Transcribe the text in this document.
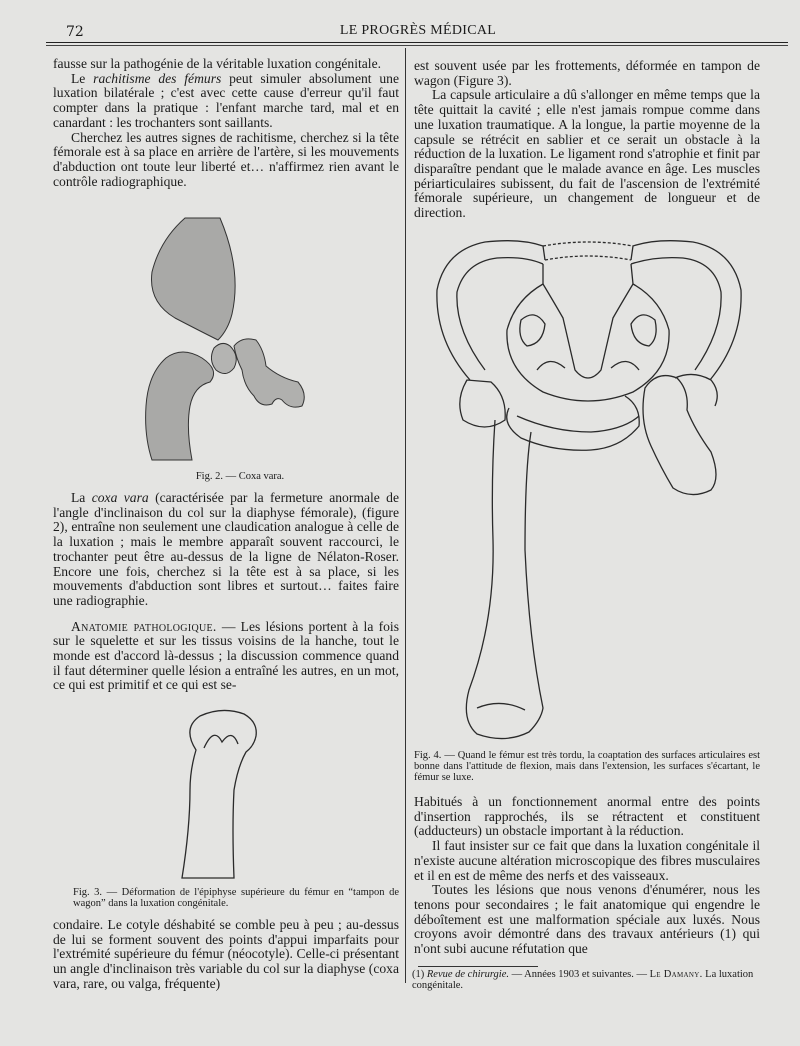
72	LE PROGRÈS MÉDICAL

fausse sur la pathogénie de la véritable luxation congénitale.

Le rachitisme des fémurs peut simuler absolument une luxation bilatérale ; c'est avec cette cause d'erreur qu'il faut compter dans la pratique : l'enfant marche tard, mal et en canardant : les trochanters sont saillants.

Cherchez les autres signes de rachitisme, cherchez si la tête fémorale est à sa place en arrière de l'artère, si les mouvements d'abduction ont toute leur liberté et… n'affirmez rien avant le contrôle radiographique.

Fig. 2. — Coxa vara.

La coxa vara (caractérisée par la fermeture anormale de l'angle d'inclinaison du col sur la diaphyse fémorale), (figure 2), entraîne non seulement une claudication analogue à celle de la luxation ; mais le membre apparaît souvent raccourci, le trochanter peut être au-dessus de la ligne de Nélaton-Roser. Encore une fois, cherchez si la tête est à sa place, si les mouvements d'abduction sont libres et surtout… faites faire une radiographie.

Anatomie pathologique. — Les lésions portent à la fois sur le squelette et sur les tissus voisins de la hanche, tout le monde est d'accord là-dessus ; la discussion commence quand il faut déterminer quelle lésion a entraîné les autres, en un mot, ce qui est primitif et ce qui est se-

Fig. 3. — Déformation de l'épiphyse supérieure du fémur en “tampon de wagon” dans la luxation congénitale.

condaire. Le cotyle déshabité se comble peu à peu ; au-dessus de lui se forment souvent des points d'appui imparfaits pour l'extrémité supérieure du fémur (néocotyle). Celle-ci présentant un angle d'inclinaison très variable du col sur la diaphyse (coxa vara, rare, ou valga, fréquente)

est souvent usée par les frottements, déformée en tampon de wagon (Figure 3).

La capsule articulaire a dû s'allonger en même temps que la tête quittait la cavité ; elle n'est jamais rompue comme dans une luxation traumatique. A la longue, la partie moyenne de la capsule se rétrécit en sablier et ce serait un obstacle à la réduction de la luxation. Le ligament rond s'atrophie et finit par disparaître pendant que le malade avance en âge. Les muscles périarticulaires subissent, du fait de l'ascension de l'extrémité fémorale supérieure, un changement de longueur et de direction.

Fig. 4. — Quand le fémur est très tordu, la coaptation des surfaces articulaires est bonne dans l'attitude de flexion, mais dans l'extension, les surfaces s'écartant, le fémur se luxe.

Habitués à un fonctionnement anormal entre des points d'insertion rapprochés, ils se rétractent et constituent (adducteurs) un obstacle important à la réduction.

Il faut insister sur ce fait que dans la luxation congénitale il n'existe aucune altération microscopique des fibres musculaires et il en est de même des nerfs et des vaisseaux.

Toutes les lésions que nous venons d'énumérer, nous les tenons pour secondaires ; le fait anatomique qui engendre le déboîtement est une malformation spéciale aux luxés. Nous croyons avoir démontré dans des travaux antérieurs (1) qui n'ont subi aucune réfutation que

(1) Revue de chirurgie. — Années 1903 et suivantes. — Le Damany. La luxation congénitale.
